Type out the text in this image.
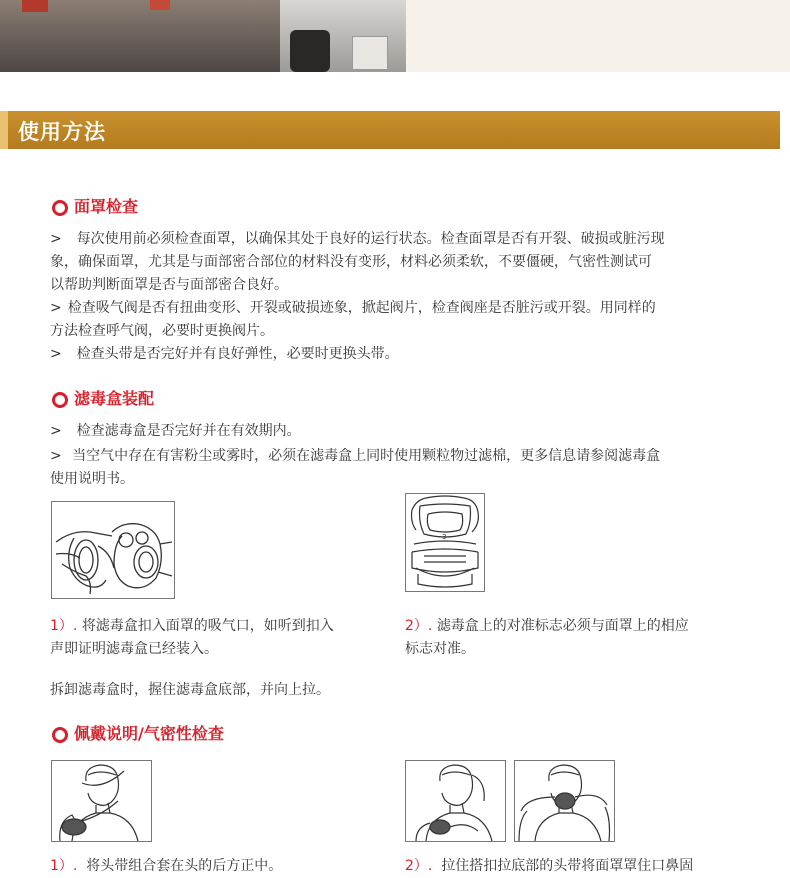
使用方法
面罩检查
> 每次使用前必须检查面罩，以确保其处于良好的运行状态。检查面罩是否有开裂、破损或脏污现
象，确保面罩，尤其是与面部密合部位的材料没有变形，材料必须柔软，不要僵硬，气密性测试可
以帮助判断面罩是否与面部密合良好。
> 检查吸气阀是否有扭曲变形、开裂或破损迹象，掀起阀片，检查阀座是否脏污或开裂。用同样的
方法检查呼气阀，必要时更换阀片。
> 检查头带是否完好并有良好弹性，必要时更换头带。
滤毒盒装配
> 检查滤毒盒是否完好并在有效期内。
> 当空气中存在有害粉尘或雾时，必须在滤毒盒上同时使用颗粒物过滤棉，更多信息请参阅滤毒盒
使用说明书。
3
1）. 将滤毒盒扣入面罩的吸气口，如听到扣入
声即证明滤毒盒已经装入。
2）. 滤毒盒上的对准标志必须与面罩上的相应
标志对准。
拆卸滤毒盒时，握住滤毒盒底部，并向上拉。
佩戴说明/气密性检查
1）. 将头带组合套在头的后方正中。	2）. 拉住搭扣拉底部的头带将面罩罩住口鼻固
